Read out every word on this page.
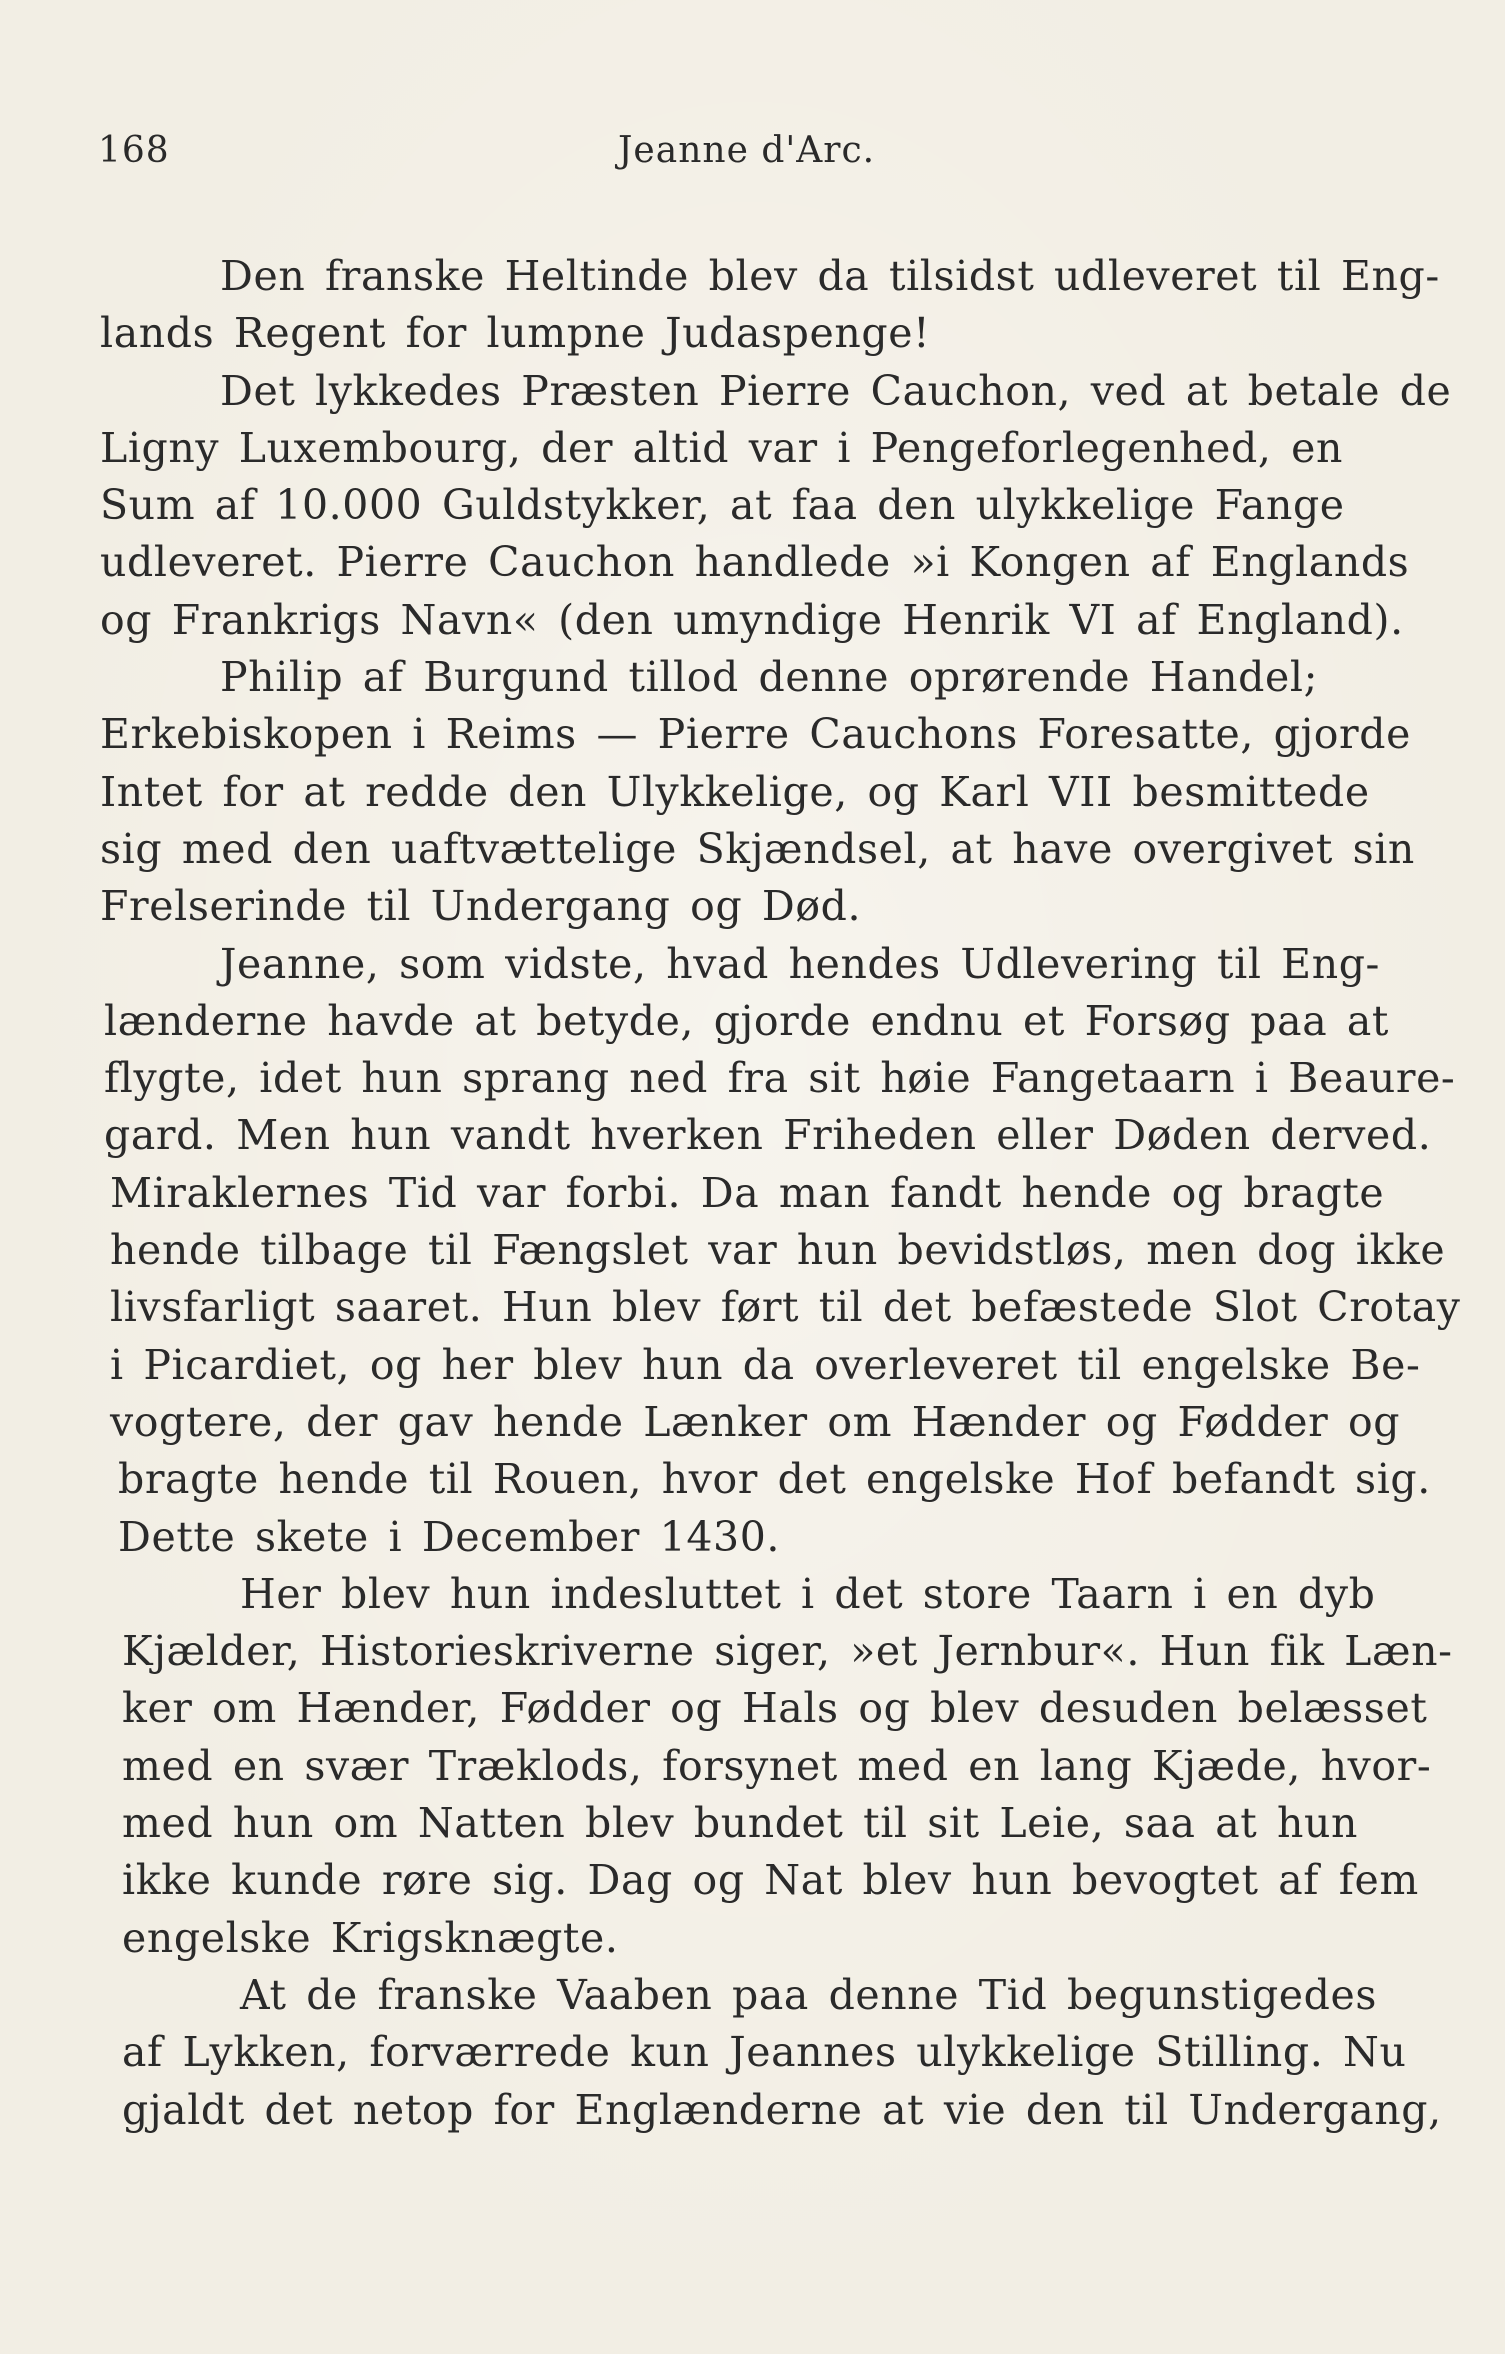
168	Jeanne d'Arc.
Den franske Heltinde blev da tilsidst udleveret til Eng-
lands Regent for lumpne Judaspenge!
Det lykkedes Præsten Pierre Cauchon, ved at betale de
Ligny Luxembourg, der altid var i Pengeforlegenhed, en
Sum af 10.000 Guldstykker, at faa den ulykkelige Fange
udleveret. Pierre Cauchon handlede »i Kongen af Englands
og Frankrigs Navn« (den umyndige Henrik VI af England).
Philip af Burgund tillod denne oprørende Handel;
Erkebiskopen i Reims — Pierre Cauchons Foresatte, gjorde
Intet for at redde den Ulykkelige, og Karl VII besmittede
sig med den uaftvættelige Skjændsel, at have overgivet sin
Frelserinde til Undergang og Død.
Jeanne, som vidste, hvad hendes Udlevering til Eng-
lænderne havde at betyde, gjorde endnu et Forsøg paa at
flygte, idet hun sprang ned fra sit høie Fangetaarn i Beaure-
gard. Men hun vandt hverken Friheden eller Døden derved.
Miraklernes Tid var forbi. Da man fandt hende og bragte
hende tilbage til Fængslet var hun bevidstløs, men dog ikke
livsfarligt saaret. Hun blev ført til det befæstede Slot Crotay
i Picardiet, og her blev hun da overleveret til engelske Be-
vogtere, der gav hende Lænker om Hænder og Fødder og
bragte hende til Rouen, hvor det engelske Hof befandt sig.
Dette skete i December 1430.
Her blev hun indesluttet i det store Taarn i en dyb
Kjælder, Historieskriverne siger, »et Jernbur«. Hun fik Læn-
ker om Hænder, Fødder og Hals og blev desuden belæsset
med en svær Træklods, forsynet med en lang Kjæde, hvor-
med hun om Natten blev bundet til sit Leie, saa at hun
ikke kunde røre sig. Dag og Nat blev hun bevogtet af fem
engelske Krigsknægte.
At de franske Vaaben paa denne Tid begunstigedes
af Lykken, forværrede kun Jeannes ulykkelige Stilling. Nu
gjaldt det netop for Englænderne at vie den til Undergang,
